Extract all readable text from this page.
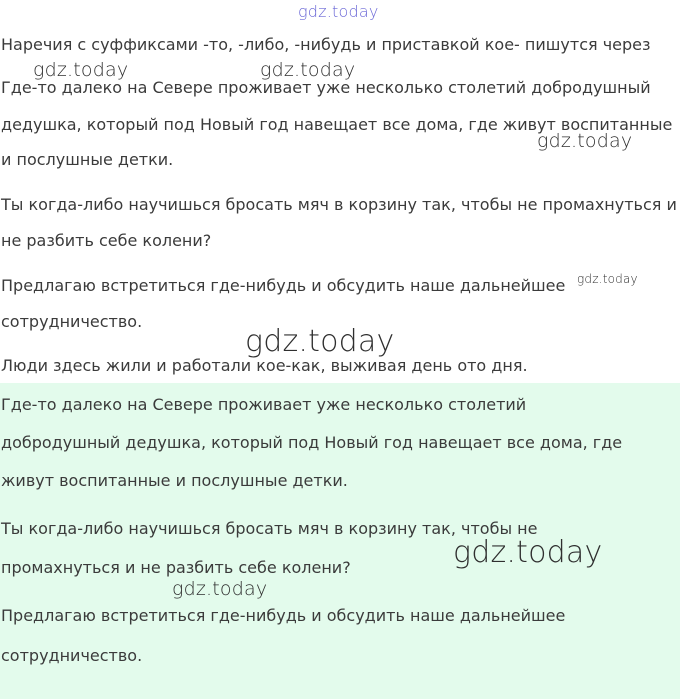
Наречия с суффиксами -то, -либо, -нибудь и приставкой кое- пишутся через
Где-то далеко на Севере проживает уже несколько столетий добродушный
дедушка, который под Новый год навещает все дома, где живут воспитанные
и послушные детки.
Ты когда-либо научишься бросать мяч в корзину так, чтобы не промахнуться и
не разбить себе колени?
Предлагаю встретиться где-нибудь и обсудить наше дальнейшее
сотрудничество.
Люди здесь жили и работали кое-как, выживая день ото дня.
Где-то далеко на Севере проживает уже несколько столетий
добродушный дедушка, который под Новый год навещает все дома, где
живут воспитанные и послушные детки.
Ты когда-либо научишься бросать мяч в корзину так, чтобы не
промахнуться и не разбить себе колени?
Предлагаю встретиться где-нибудь и обсудить наше дальнейшее
сотрудничество.
gdz.today
gdz.today	gdz.today
gdz.today
gdz.today
gdz.today
gdz.today
gdz.today
